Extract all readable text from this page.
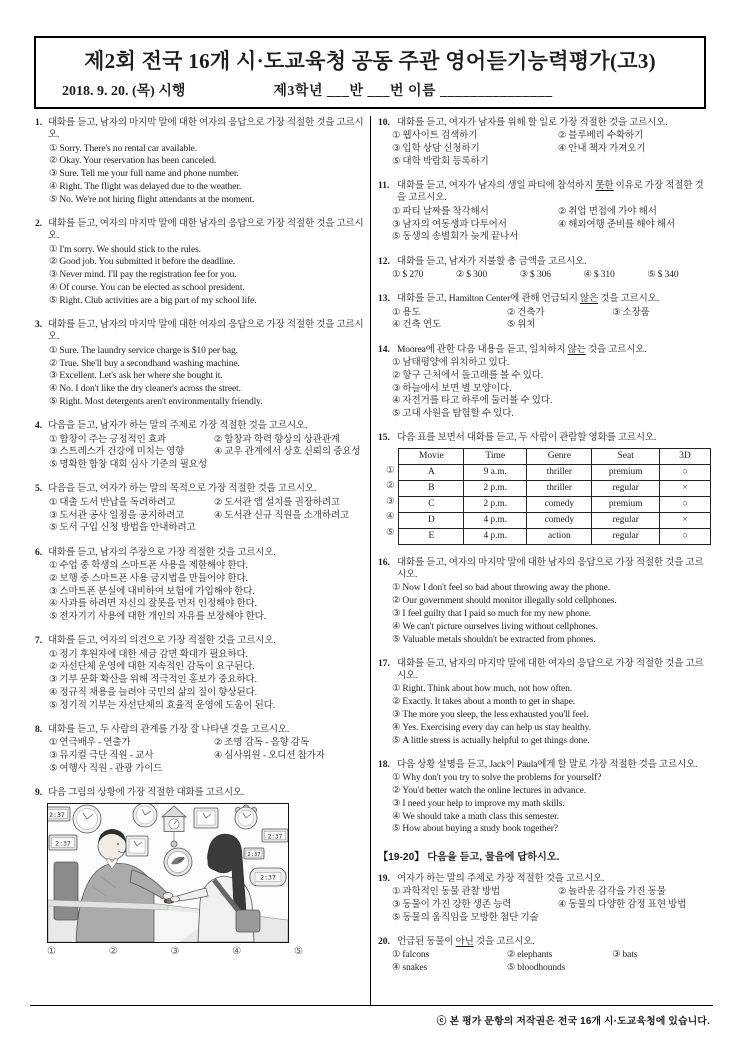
제2회 전국 16개 시·도교육청 공동 주관 영어듣기능력평가(고3)
2018. 9. 20. (목) 시행	제3학년 ___반 ___번 이름 _______________
1. 대화를 듣고, 남자의 마지막 말에 대한 여자의 응답으로 가장 적절한 것을 고르시오.
① Sorry. There's no rental car available.
② Okay. Your reservation has been canceled.
③ Sure. Tell me your full name and phone number.
④ Right. The flight was delayed due to the weather.
⑤ No. We're not hiring flight attendants at the moment.
2. 대화를 듣고, 여자의 마지막 말에 대한 남자의 응답으로 가장 적절한 것을 고르시오.
① I'm sorry. We should stick to the rules.
② Good job. You submitted it before the deadline.
③ Never mind. I'll pay the registration fee for you.
④ Of course. You can be elected as school president.
⑤ Right. Club activities are a big part of my school life.
3. 대화를 듣고, 남자의 마지막 말에 대한 여자의 응답으로 가장 적절한 것을 고르시오.
① Sure. The laundry service charge is $10 per bag.
② True. She'll buy a secondhand washing machine.
③ Excellent. Let's ask her where she bought it.
④ No. I don't like the dry cleaner's across the street.
⑤ Right. Most detergents aren't environmentally friendly.
4. 다음을 듣고, 남자가 하는 말의 주제로 가장 적절한 것을 고르시오.
① 합창이 주는 긍정적인 효과	② 합창과 학력 향상의 상관관계
③ 스트레스가 건강에 미치는 영향	④ 교우 관계에서 상호 신뢰의 중요성
⑤ 명확한 합창 대회 심사 기준의 필요성
5. 다음을 듣고, 여자가 하는 말의 목적으로 가장 적절한 것을 고르시오.
① 대출 도서 반납을 독려하려고	② 도서관 앱 설치를 권장하려고
③ 도서관 공사 일정을 공지하려고	④ 도서관 신규 직원을 소개하려고
⑤ 도서 구입 신청 방법을 안내하려고
6. 대화를 듣고, 남자의 주장으로 가장 적절한 것을 고르시오.
① 수업 중 학생의 스마트폰 사용을 제한해야 한다.
② 보행 중 스마트폰 사용 금지법을 만들어야 한다.
③ 스마트폰 분실에 대비하여 보험에 가입해야 한다.
④ 사과를 하려면 자신의 잘못을 먼저 인정해야 한다.
⑤ 전자기기 사용에 대한 개인의 자유를 보장해야 한다.
7. 대화를 듣고, 여자의 의견으로 가장 적절한 것을 고르시오.
① 정기 후원자에 대한 세금 감면 확대가 필요하다.
② 자선단체 운영에 대한 지속적인 감독이 요구된다.
③ 기부 문화 확산을 위해 적극적인 홍보가 중요하다.
④ 정규직 채용을 늘려야 국민의 삶의 질이 향상된다.
⑤ 정기적 기부는 자선단체의 효율적 운영에 도움이 된다.
8. 대화를 듣고, 두 사람의 관계를 가장 잘 나타낸 것을 고르시오.
① 연극배우 - 연출가	② 조명 감독 - 음향 감독
③ 뮤지컬 극단 직원 - 교사	④ 심사위원 - 오디션 참가자
⑤ 여행사 직원 - 관광 가이드
9. 다음 그림의 상황에 가장 적절한 대화를 고르시오.
2:37
2:37
2:37
2:37
2:37
①	②	③	④	⑤
10. 대화를 듣고, 여자가 남자를 위해 할 일로 가장 적절한 것을 고르시오.
① 웹사이트 검색하기	② 블루베리 수확하기
③ 입학 상담 신청하기	④ 안내 책자 가져오기
⑤ 대학 박람회 등록하기
11. 대화를 듣고, 여자가 남자의 생일 파티에 참석하지 못한 이유로 가장 적절한 것을 고르시오.
① 파티 날짜를 착각해서	② 취업 면접에 가야 해서
③ 남자의 여동생과 다투어서	④ 해외여행 준비를 해야 해서
⑤ 동생의 송별회가 늦게 끝나서
12. 대화를 듣고, 남자가 지불할 총 금액을 고르시오.
① $ 270	② $ 300	③ $ 306	④ $ 310	⑤ $ 340
13. 대화를 듣고, Hamilton Center에 관해 언급되지 않은 것을 고르시오.
① 용도	② 건축가	③ 소장품
④ 건축 연도	⑤ 위치
14. Moorea에 관한 다음 내용을 듣고, 일치하지 않는 것을 고르시오.
① 남태평양에 위치하고 있다.
② 항구 근처에서 돌고래를 볼 수 있다.
③ 하늘에서 보면 별 모양이다.
④ 자전거를 타고 하루에 둘러볼 수 있다.
⑤ 고대 사원을 탐험할 수 있다.
15. 다음 표를 보면서 대화를 듣고, 두 사람이 관람할 영화를 고르시오.
①
②
③
④
⑤
Movie	Time	Genre	Seat	3D
A	9 a.m.	thriller	premium	○
B	2 p.m.	thriller	regular	×
C	2 p.m.	comedy	premium	○
D	4 p.m.	comedy	regular	×
E	4 p.m.	action	regular	○
16. 대화를 듣고, 여자의 마지막 말에 대한 남자의 응답으로 가장 적절한 것을 고르시오.
① Now I don't feel so bad about throwing away the phone.
② Our government should monitor illegally sold cellphones.
③ I feel guilty that I paid so much for my new phone.
④ We can't picture ourselves living without cellphones.
⑤ Valuable metals shouldn't be extracted from phones.
17. 대화를 듣고, 남자의 마지막 말에 대한 여자의 응답으로 가장 적절한 것을 고르시오.
① Right. Think about how much, not how often.
② Exactly. It takes about a month to get in shape.
③ The more you sleep, the less exhausted you'll feel.
④ Yes. Exercising every day can help us stay healthy.
⑤ A little stress is actually helpful to get things done.
18. 다음 상황 설명을 듣고, Jack이 Paula에게 할 말로 가장 적절한 것을 고르시오.
① Why don't you try to solve the problems for yourself?
② You'd better watch the online lectures in advance.
③ I need your help to improve my math skills.
④ We should take a math class this semester.
⑤ How about buying a study book together?
【19-20】 다음을 듣고, 물음에 답하시오.
19. 여자가 하는 말의 주제로 가장 적절한 것을 고르시오.
① 과학적인 동물 관찰 방법	② 놀라운 감각을 가진 동물
③ 동물이 가진 강한 생존 능력	④ 동물의 다양한 감정 표현 방법
⑤ 동물의 움직임을 모방한 첨단 기술
20. 언급된 동물이 아닌 것을 고르시오.
① falcons	② elephants	③ bats
④ snakes	⑤ bloodhounds
ⓒ 본 평가 문항의 저작권은 전국 16개 시·도교육청에 있습니다.
